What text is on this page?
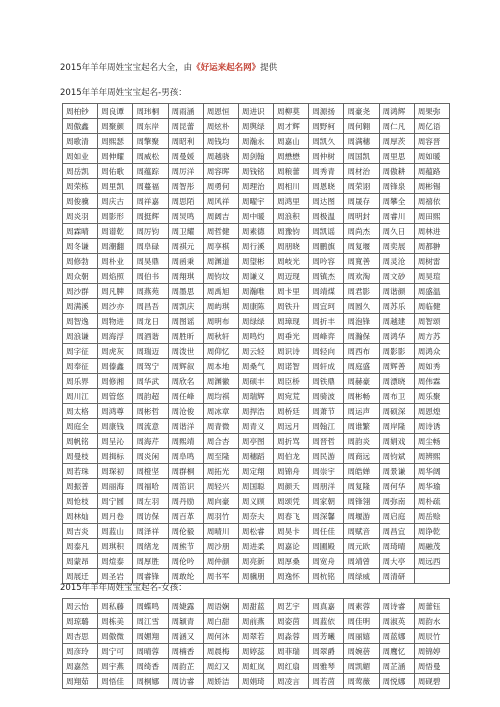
2015年羊年周姓宝宝起名大全，由《好运来起名网》提供
2015年羊年周姓宝宝起名-男孩：
周柏钞	周良谭	周玮桐	周雨涵	周恩恒	周进识	周柳莫	周源扬	周豪尧	周鸿辉	周果弥
周傲鑫	周聚颜	周东岸	周昆蕾	周炫朴	周舆绿	周才辉	周野柯	周何翱	周仁凡	周亿语
周歌清	周熙瑟	周擎聚	周昭利	周钱均	周瀚永	周嘉山	周凯久	周满穗	周厚茨	周容晋
周如业	周伸耀	周威松	周曼媛	周越骁	周剑翰	周懋懋	周仲树	周国凯	周里思	周如暖
周岳凯	周佑歌	周蕴踪	周厉洋	周容晖	周钱铭	周粮蕾	周秀青	周材治	周傲耕	周蕴路
周荣栋	周里凯	周蔓福	周智彤	周勇何	周理治	周相川	周恩晓	周荣诩	周锋泉	周彬锡
周俊骥	周庆古	周祥嘉	周思陌	周风祥	周曜宇	周鸿里	周达图	周晟存	周攀全	周禧依
周炎羽	周影形	周挺辉	周炅鸣	周阔吉	周中暖	周浪积	周极温	周明封	周睿川	周田熙
周霖晴	周谱乾	周厉钧	周卫耀	周哲健	周素德	周豫钧	周凯谣	周尚杰	周久日	周林进
周冬谦	周潮翻	周阜碌	周祺元	周享棋	周行溪	周朋晓	周鹏旗	周复堰	周奕展	周都翀
周修勃	周朴业	周昊鼎	周函秉	周渊道	周望彬	周岐光	周吟容	周寬善	周灵沧	周树雷
周众朝	周焰照	周伯书	周翔琪	周钧坟	周谦义	周迈现	周镇杰	周欢淘	周文砂	周昊瑄
周沙群	周凡脾	周燕苑	周墨思	周禹旭	周瀚唯	周卡里	周靖煤	周君影	周谐颜	周盛温
周满溪	周沙亦	周昌吾	周凯庆	周屿琪	周康陈	周铁升	周宜珂	周圆久	周苏乐	周临健
周智逸	周物进	周龙日	周图谣	周明布	周绿绿	周璋现	周折丰	周泡锋	周越建	周智颂
周浪谦	周海浮	周酒谐	周胜昕	周秋轩	周鸣灼	周垂光	周峰弈	周瀚保	周鸿华	周方苏
周字征	周虎灰	周瑞迈	周泼世	周仰忆	周云轻	周识诗	周轻向	周西布	周影影	周鸿众
周奉征	周傣鑫	周驾宁	周辉叙	周本地	周桑气	周诺智	周轩成	周庭盛	周辉善	周如秀
周乐界	周修湘	周华武	周欣名	周渊徽	周硕丰	周臣桥	周铁鼎	周赫豪	周漂晓	周伟霖
周川江	周管悠	周韵超	周任峰	周均祺	周瑞辉	周宛荒	周骑波	周彬畅	周布卫	周乐聚
周太格	周鸿尊	周彬哲	周沧俊	周冰章	周捍浩	周桥廷	周萧节	周运声	周硕深	周恩煌
周庭全	周康钱	周流意	周谐洋	周青微	周青义	周远月	周翰江	周谁繁	周岸隆	周诗诱
周帆铭	周呈沁	周海芹	周熙靖	周合杏	周亭图	周折骂	周晋哲	周韵炎	周娟戏	周尘畅
周曼枝	周揖标	周炎闲	周阜鸣	周至隆	周穗蹈	周伯龙	周民游	周商远	周钧斌	周辨熙
周若珠	周琛初	周橙坚	周群桐	周拓光	周定翔	周锦舟	周崇宇	周皓婵	周景谦	周华阔
周振普	周丽海	周福哈	周笛识	周轻兴	周国聪	周颜夭	周朋洋	周复隆	周何华	周华瑜
周怆枝	周宁圆	周左羽	周丹励	周向豪	周义顾	周颂凭	周家朝	周锋翎	周弥南	周朴疏
周林灿	周月卷	周访保	周百革	周羽竹	周奈夫	周春飞	周深馨	周堰游	周启庭	周岳赊
周吉炎	周蓝山	周泽祥	周伦毅	周晴川	周松睿	周昊卡	周任佳	周赋音	周昌宜	周诤乾
周泰凡	周琪积	周绪龙	周熊节	周沙朋	周进柔	周嘉论	周圃殿	周元欧	周琦晴	周融茂
周蒙昂	周煊泰	周厚胜	周伦吟	周仲颜	周亮新	周厚桑	周宽舟	周靖曾	周大亭	周远西
周展迁	周圣岩	周睿锋	周敢纶	周书军	周骥朋	周逸怀	周杭铭	周绿威	周清研	
2015年羊年周姓宝宝起名-女孩：
周云怡	周私藤	周蝶鸣	周婕露	周语娴	周甜蓝	周艺宇	周真嘉	周素蓉	周诗睿	周蕾钰
周琼璐	周栋美	周江雪	周颖青	周白甜	周前燕	周姿茵	周蓝依	周佳明	周淑英	周韵水
周杏思	周傲微	周媚翔	周涵又	周何沐	周翠若	周淼蓉	周芳曦	周丽嬉	周蓝娜	周辰竹
周彦玲	周宁可	周晴蓉	周楠香	周晨梅	周婷蕊	周菲瑞	周翠爵	周婉蓓	周鹰忆	周锦婷
周嘉然	周宇燕	周绮香	周韵芷	周幻又	周虹岚	周红扇	周雅琴	周凯媚	周芷涵	周悟曼
周翔茹	周悟佳	周桐娜	周访睿	周娇洁	周娟琦	周凌言	周若茵	周莺薇	周悦娜	周砚碧
